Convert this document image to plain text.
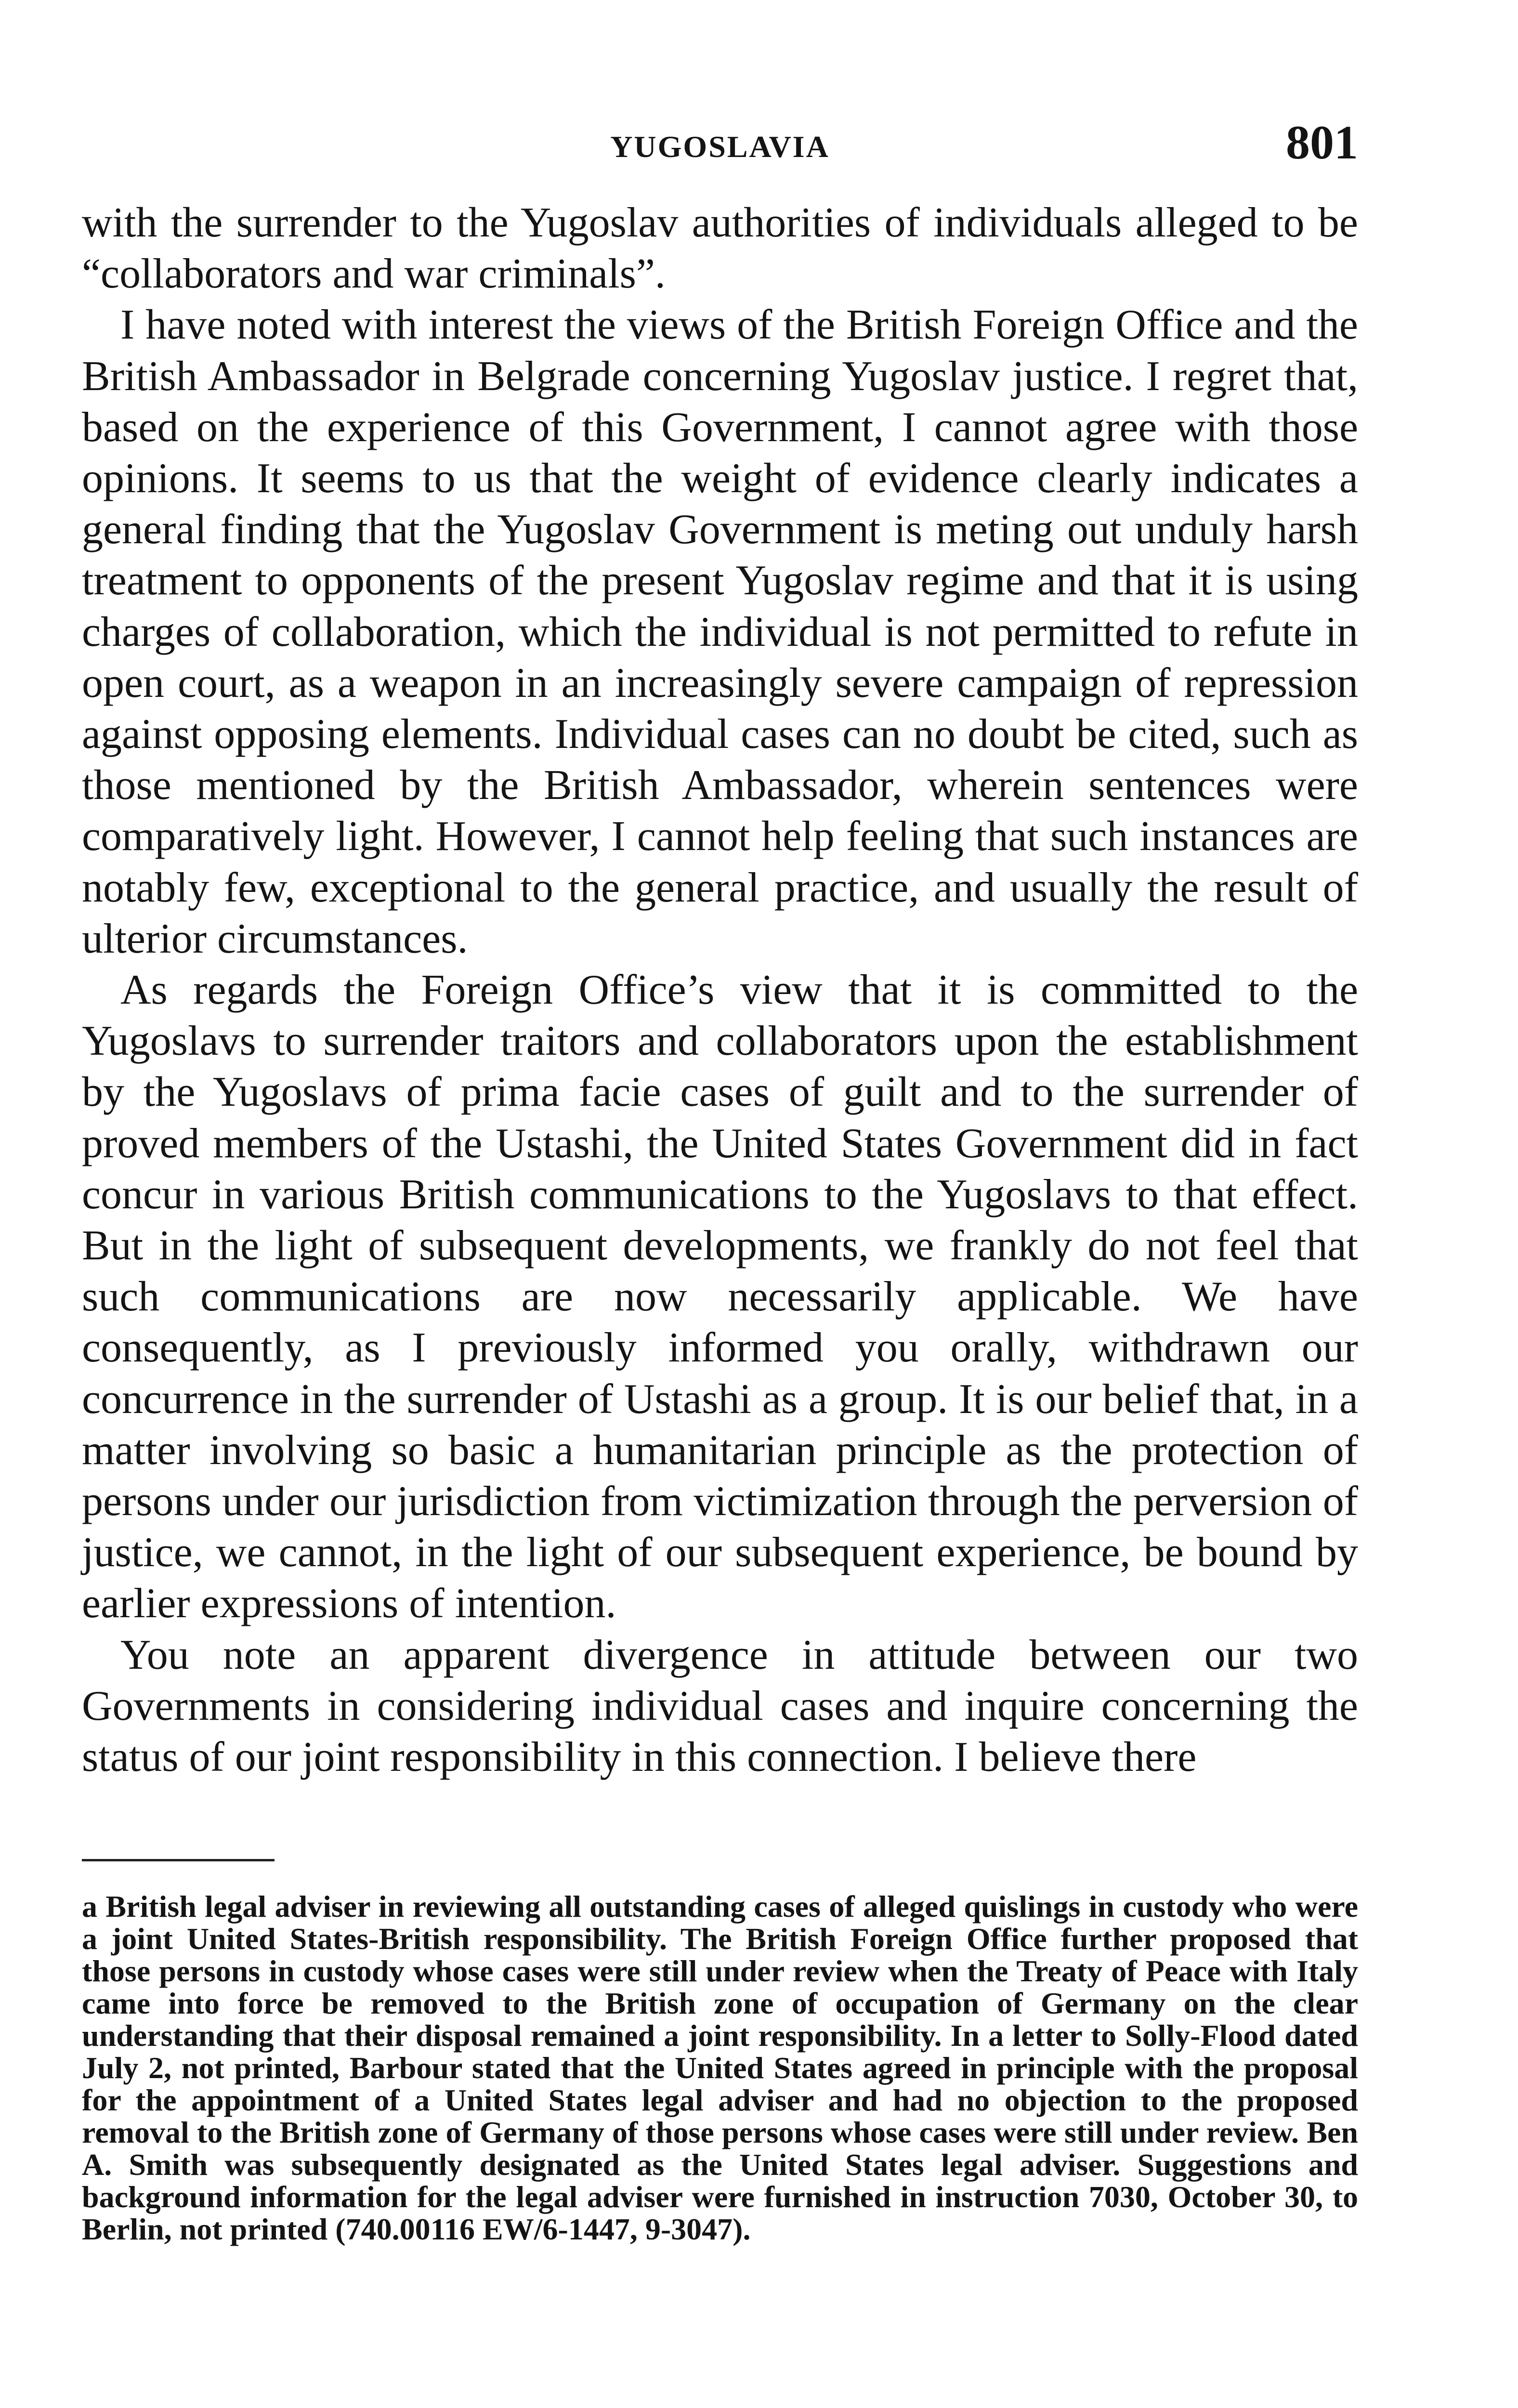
YUGOSLAVIA	801

with the surrender to the Yugoslav authorities of individuals alleged to be “collaborators and war criminals”.

I have noted with interest the views of the British Foreign Office and the British Ambassador in Belgrade concerning Yugoslav justice. I regret that, based on the experience of this Government, I cannot agree with those opinions. It seems to us that the weight of evidence clearly indicates a general finding that the Yugoslav Government is meting out unduly harsh treatment to opponents of the present Yugoslav regime and that it is using charges of collaboration, which the individual is not permitted to refute in open court, as a weapon in an increasingly severe campaign of repression against opposing elements. Individual cases can no doubt be cited, such as those mentioned by the British Ambassador, wherein sentences were comparatively light. However, I cannot help feeling that such instances are notably few, exceptional to the general practice, and usually the result of ulterior circumstances.

As regards the Foreign Office’s view that it is committed to the Yugoslavs to surrender traitors and collaborators upon the establishment by the Yugoslavs of prima facie cases of guilt and to the surrender of proved members of the Ustashi, the United States Government did in fact concur in various British communications to the Yugoslavs to that effect. But in the light of subsequent developments, we frankly do not feel that such communications are now necessarily applicable. We have consequently, as I previously informed you orally, withdrawn our concurrence in the surrender of Ustashi as a group. It is our belief that, in a matter involving so basic a humanitarian principle as the protection of persons under our jurisdiction from victimization through the perversion of justice, we cannot, in the light of our subsequent experience, be bound by earlier expressions of intention.

You note an apparent divergence in attitude between our two Governments in considering individual cases and inquire concerning the status of our joint responsibility in this connection. I believe there

a British legal adviser in reviewing all outstanding cases of alleged quislings in custody who were a joint United States-British responsibility. The British Foreign Office further proposed that those persons in custody whose cases were still under review when the Treaty of Peace with Italy came into force be removed to the British zone of occupation of Germany on the clear understanding that their disposal remained a joint responsibility. In a letter to Solly-Flood dated July 2, not printed, Barbour stated that the United States agreed in principle with the proposal for the appointment of a United States legal adviser and had no objection to the proposed removal to the British zone of Germany of those persons whose cases were still under review. Ben A. Smith was subsequently designated as the United States legal adviser. Suggestions and background information for the legal adviser were furnished in instruction 7030, October 30, to Berlin, not printed (740.00116 EW/6-1447, 9-3047).
